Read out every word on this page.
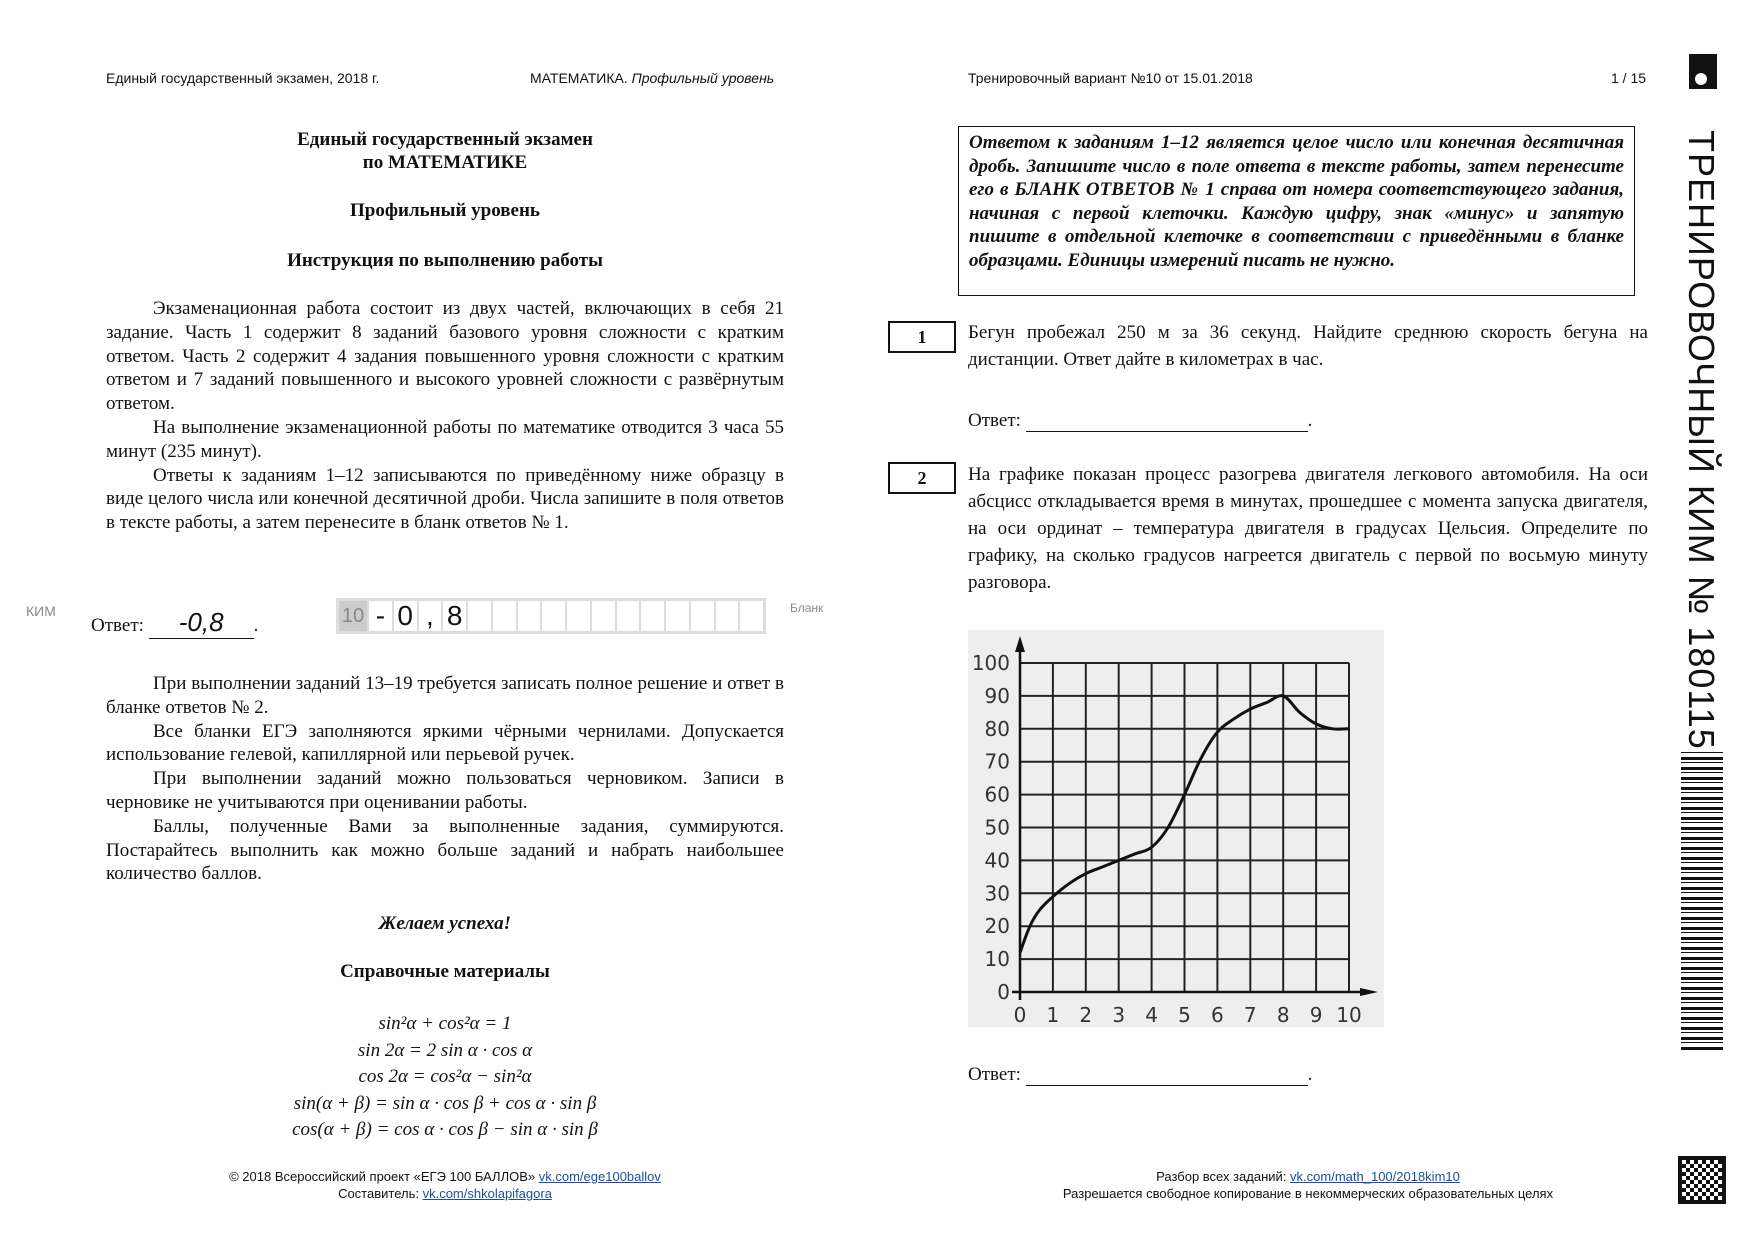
Единый государственный экзамен, 2018 г.	МАТЕМАТИКА. Профильный уровень	Тренировочный вариант №10 от 15.01.2018	1 / 15
ТРЕНИРОВОЧНЫЙ КИМ № 180115
Единый государственный экзамен
по МАТЕМАТИКЕ
Профильный уровень
Инструкция по выполнению работы

Экзаменационная работа состоит из двух частей, включающих в себя 21 задание. Часть 1 содержит 8 заданий базового уровня сложности с кратким ответом. Часть 2 содержит 4 задания повышенного уровня сложности с кратким ответом и 7 заданий повышенного и высокого уровней сложности с развёрнутым ответом.

На выполнение экзаменационной работы по математике отводится 3 часа 55 минут (235 минут).

Ответы к заданиям 1–12 записываются по приведённому ниже образцу в виде целого числа или конечной десятичной дроби. Числа запишите в поля ответов в тексте работы, а затем перенесите в бланк ответов № 1.

КИМ
Ответ: -0,8 .	10 - 0 , 8	Бланк

При выполнении заданий 13–19 требуется записать полное решение и ответ в бланке ответов № 2.

Все бланки ЕГЭ заполняются яркими чёрными чернилами. Допускается использование гелевой, капиллярной или перьевой ручек.

При выполнении заданий можно пользоваться черновиком. Записи в черновике не учитываются при оценивании работы.

Баллы, полученные Вами за выполненные задания, суммируются. Постарайтесь выполнить как можно больше заданий и набрать наибольшее количество баллов.

Желаем успеха!
Справочные материалы
sin²α + cos²α = 1
sin 2α = 2 sin α · cos α
cos 2α = cos²α − sin²α
sin(α + β) = sin α · cos β + cos α · sin β
cos(α + β) = cos α · cos β − sin α · sin β
Ответом к заданиям 1–12 является целое число или конечная десятичная дробь. Запишите число в поле ответа в тексте работы, затем перенесите его в БЛАНК ОТВЕТОВ № 1 справа от номера соответствующего задания, начиная с первой клеточки. Каждую цифру, знак «минус» и запятую пишите в отдельной клеточке в соответствии с приведёнными в бланке образцами. Единицы измерений писать не нужно.
1	Бегун пробежал 250 м за 36 секунд. Найдите среднюю скорость бегуна на дистанции. Ответ дайте в километрах в час.
Ответ:	.
2	На графике показан процесс разогрева двигателя легкового автомобиля. На оси абсцисс откладывается время в минутах, прошедшее с момента запуска двигателя, на оси ординат – температура двигателя в градусах Цельсия. Определите по графику, на сколько градусов нагреется двигатель с первой по восьмую минуту разговора.
0
0
1
10
2
20
3
30
4
40
5
50
6
60
7
70
8
80
9
90
10
100
Ответ:	.
© 2018 Всероссийский проект «ЕГЭ 100 БАЛЛОВ» vk.com/ege100ballov
Составитель: vk.com/shkolapifagora
Разбор всех заданий: vk.com/math_100/2018kim10
Разрешается свободное копирование в некоммерческих образовательных целях
